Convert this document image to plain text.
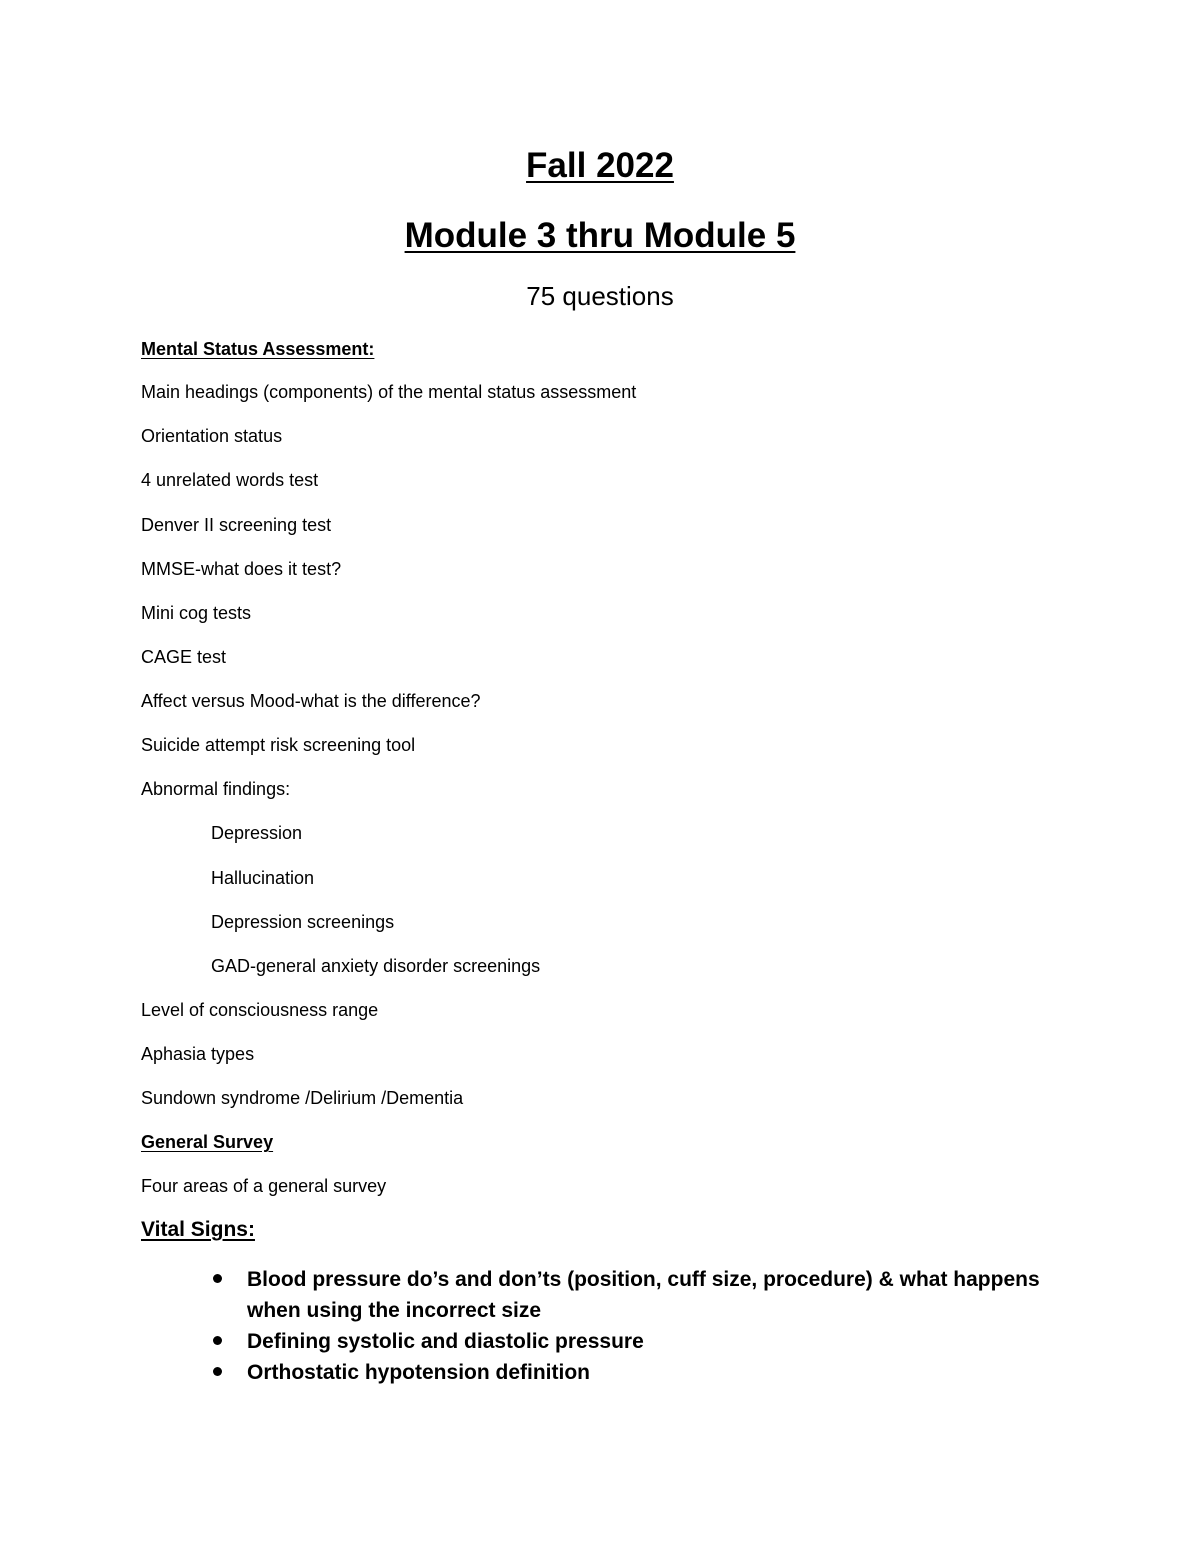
Fall 2022
Module 3 thru Module 5
75 questions
Mental Status Assessment:
Main headings (components) of the mental status assessment
Orientation status
4 unrelated words test
Denver II screening test
MMSE-what does it test?
Mini cog tests
CAGE test
Affect versus Mood-what is the difference?
Suicide attempt risk screening tool
Abnormal findings:
Depression
Hallucination
Depression screenings
GAD-general anxiety disorder screenings
Level of consciousness range
Aphasia types
Sundown syndrome /Delirium /Dementia
General Survey
Four areas of a general survey
Vital Signs:
Blood pressure do’s and don’ts (position, cuff size, procedure) & what happens when using the incorrect size
Defining systolic and diastolic pressure
Orthostatic hypotension definition
